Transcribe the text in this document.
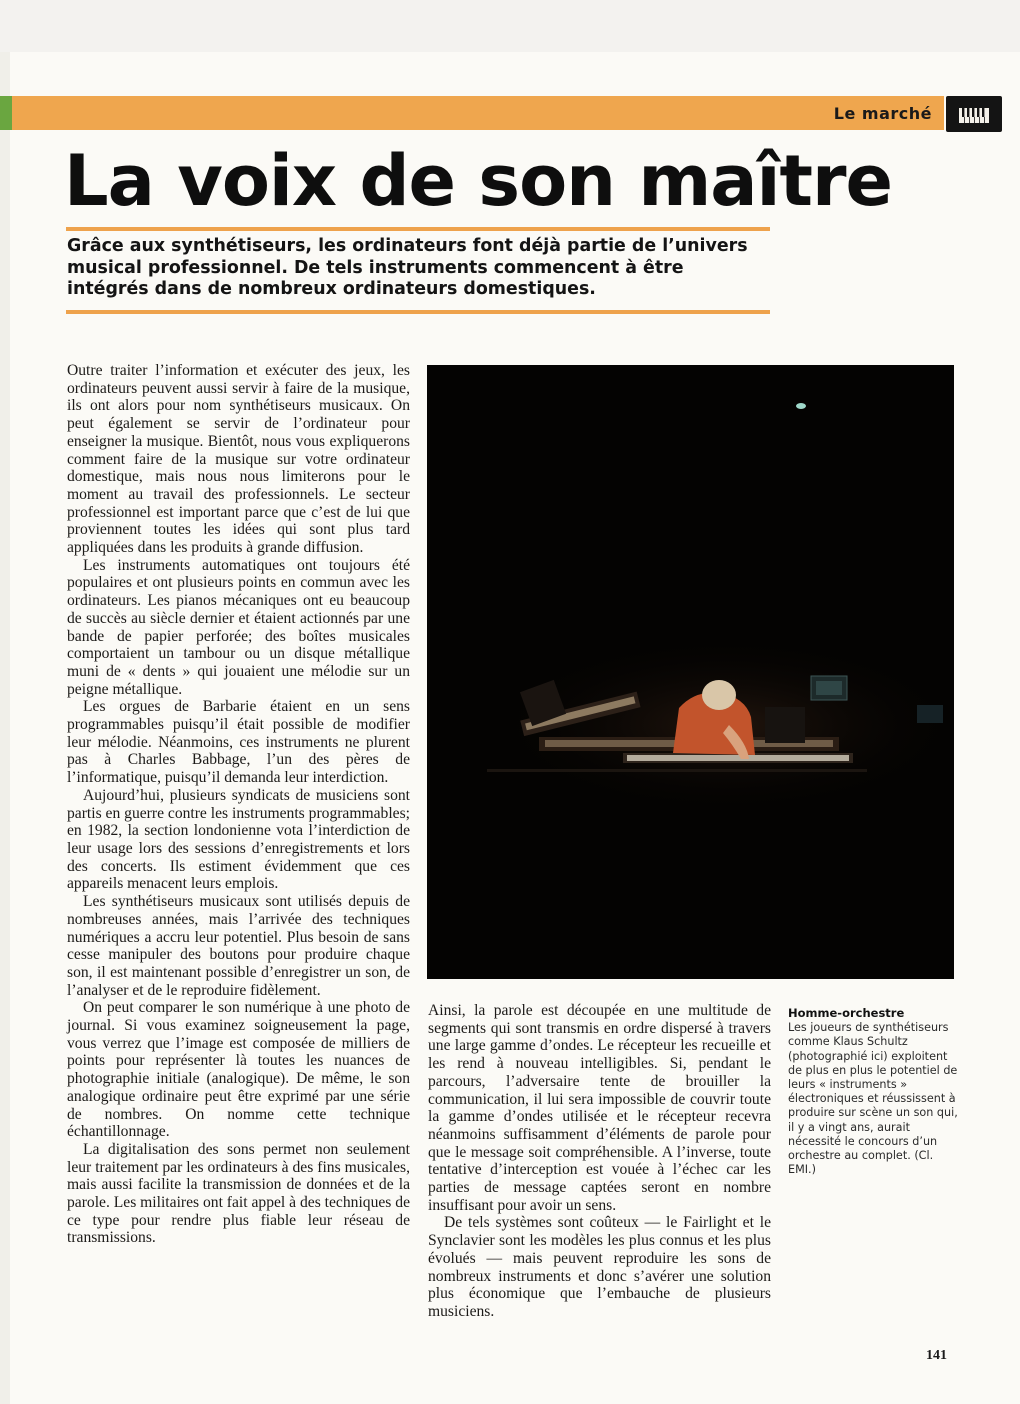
Le marché
La voix de son maître

Grâce aux synthétiseurs, les ordinateurs font déjà partie de l’univers musical professionnel. De tels instruments commencent à être intégrés dans de nombreux ordinateurs domestiques.

Outre traiter l’information et exécuter des jeux, les ordinateurs peuvent aussi servir à faire de la musique, ils ont alors pour nom synthétiseurs musicaux. On peut également se servir de l’ordinateur pour enseigner la musique. Bientôt, nous vous expliquerons comment faire de la musique sur votre ordinateur domestique, mais nous nous limiterons pour le moment au travail des professionnels. Le secteur professionnel est important parce que c’est de lui que proviennent toutes les idées qui sont plus tard appliquées dans les produits à grande diffusion.

Les instruments automatiques ont toujours été populaires et ont plusieurs points en commun avec les ordinateurs. Les pianos mécaniques ont eu beaucoup de succès au siècle dernier et étaient actionnés par une bande de papier perforée; des boîtes musicales comportaient un tambour ou un disque métallique muni de « dents » qui jouaient une mélodie sur un peigne métallique.

Les orgues de Barbarie étaient en un sens programmables puisqu’il était possible de modifier leur mélodie. Néanmoins, ces instruments ne plurent pas à Charles Babbage, l’un des pères de l’informatique, puisqu’il demanda leur interdiction.

Aujourd’hui, plusieurs syndicats de musiciens sont partis en guerre contre les instruments programmables; en 1982, la section londonienne vota l’interdiction de leur usage lors des sessions d’enregistrements et lors des concerts. Ils estiment évidemment que ces appareils menacent leurs emplois.

Les synthétiseurs musicaux sont utilisés depuis de nombreuses années, mais l’arrivée des techniques numériques a accru leur potentiel. Plus besoin de sans cesse manipuler des boutons pour produire chaque son, il est maintenant possible d’enregistrer un son, de l’analyser et de le reproduire fidèlement.

On peut comparer le son numérique à une photo de journal. Si vous examinez soigneusement la page, vous verrez que l’image est composée de milliers de points pour représenter là toutes les nuances de photographie initiale (analogique). De même, le son analogique ordinaire peut être exprimé par une série de nombres. On nomme cette technique échantillonnage.

La digitalisation des sons permet non seulement leur traitement par les ordinateurs à des fins musicales, mais aussi facilite la transmission de données et de la parole. Les militaires ont fait appel à des techniques de ce type pour rendre plus fiable leur réseau de transmissions.

Ainsi, la parole est découpée en une multitude de segments qui sont transmis en ordre dispersé à travers une large gamme d’ondes. Le récepteur les recueille et les rend à nouveau intelligibles. Si, pendant le parcours, l’adversaire tente de brouiller la communication, il lui sera impossible de couvrir toute la gamme d’ondes utilisée et le récepteur recevra néanmoins suffisamment d’éléments de parole pour que le message soit compréhensible. A l’inverse, toute tentative d’interception est vouée à l’échec car les parties de message captées seront en nombre insuffisant pour avoir un sens.

De tels systèmes sont coûteux — le Fairlight et le Synclavier sont les modèles les plus connus et les plus évolués — mais peuvent reproduire les sons de nombreux instruments et donc s’avérer une solution plus économique que l’embauche de plusieurs musiciens.

Homme-orchestre
Les joueurs de synthétiseurs comme Klaus Schultz (photographié ici) exploitent de plus en plus le potentiel de leurs « instruments » électroniques et réussissent à produire sur scène un son qui, il y a vingt ans, aurait nécessité le concours d’un orchestre au complet. (Cl. EMI.)
141
